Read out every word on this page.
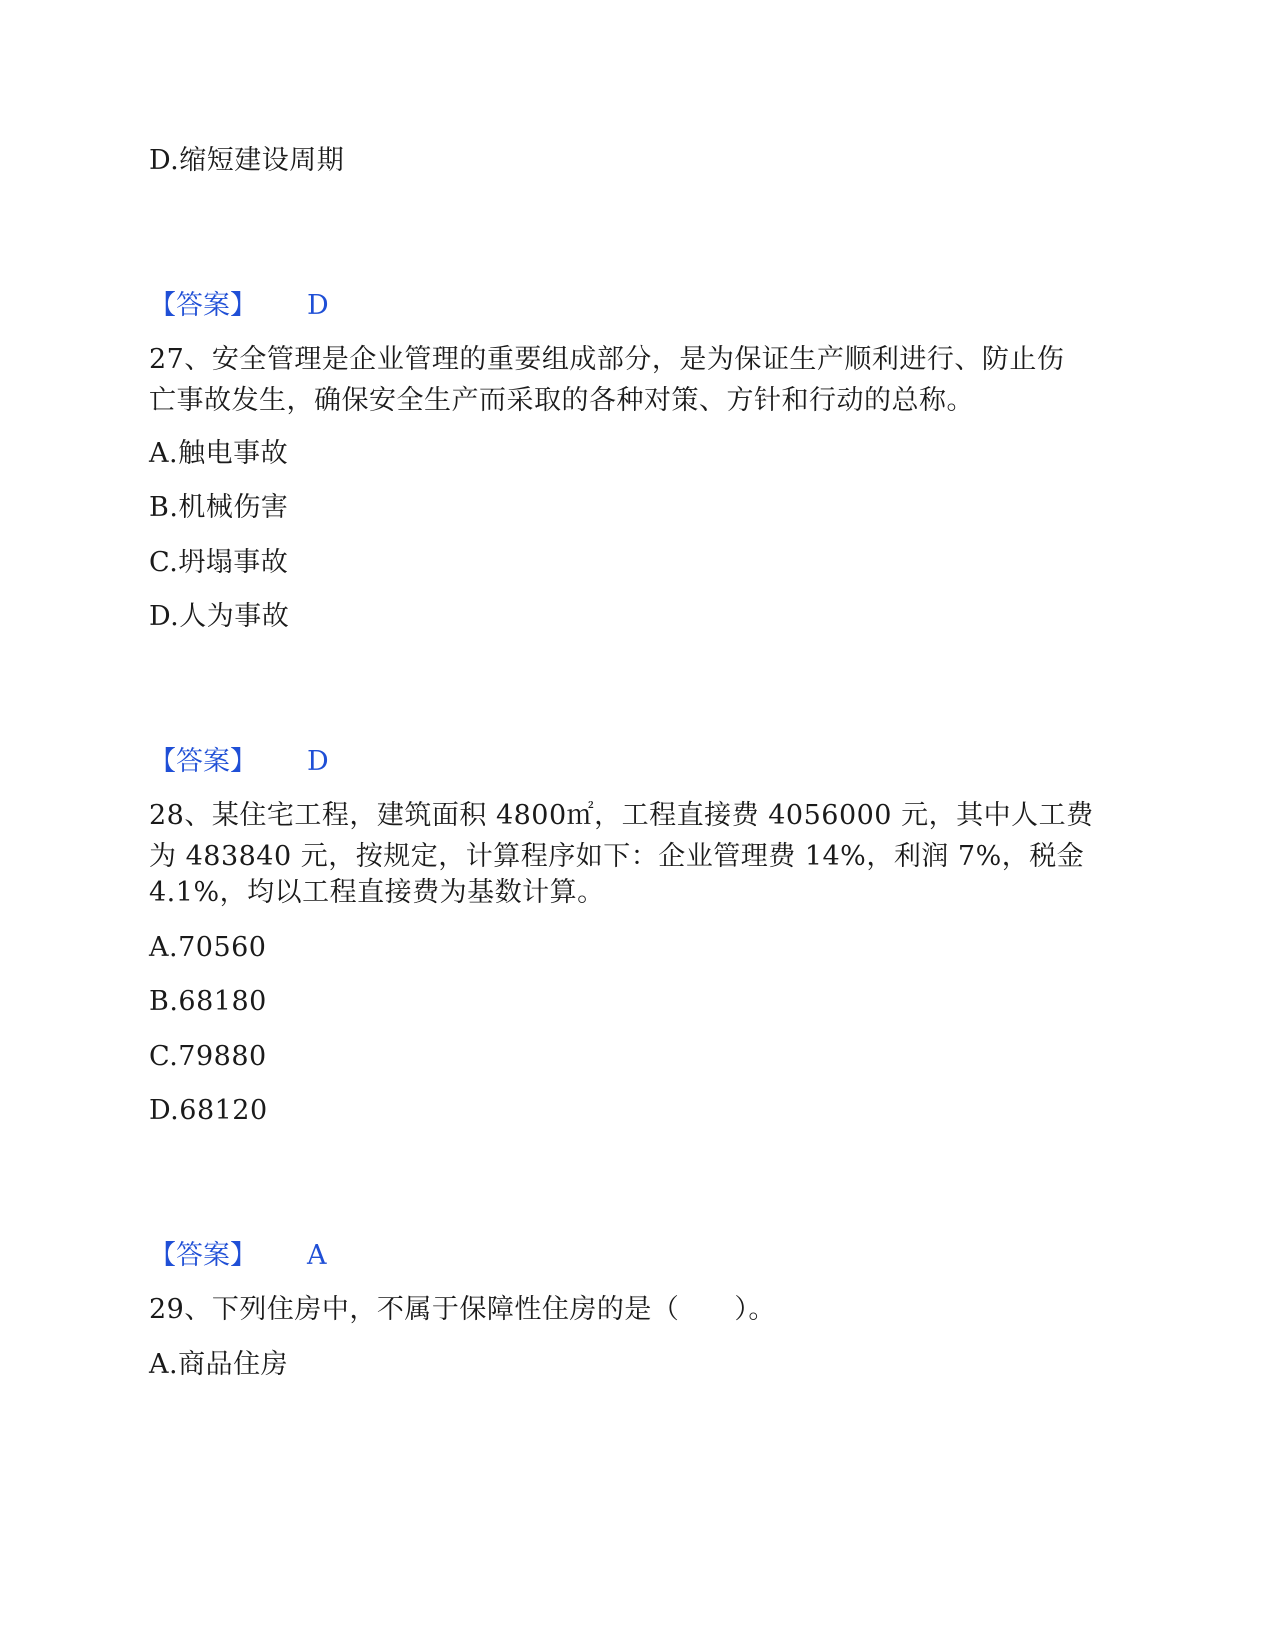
D.缩短建设周期
【答案】 D
27、安全管理是企业管理的重要组成部分，是为保证生产顺利进行、防止伤
亡事故发生，确保安全生产而采取的各种对策、方针和行动的总称。
A.触电事故
B.机械伤害
C.坍塌事故
D.人为事故
【答案】 D
28、某住宅工程，建筑面积 4800㎡，工程直接费 4056000 元，其中人工费
为 483840 元，按规定，计算程序如下：企业管理费 14%，利润 7%，税金
4.1%，均以工程直接费为基数计算。
A.70560
B.68180
C.79880
D.68120
【答案】 A
29、下列住房中，不属于保障性住房的是（　　）。
A.商品住房
